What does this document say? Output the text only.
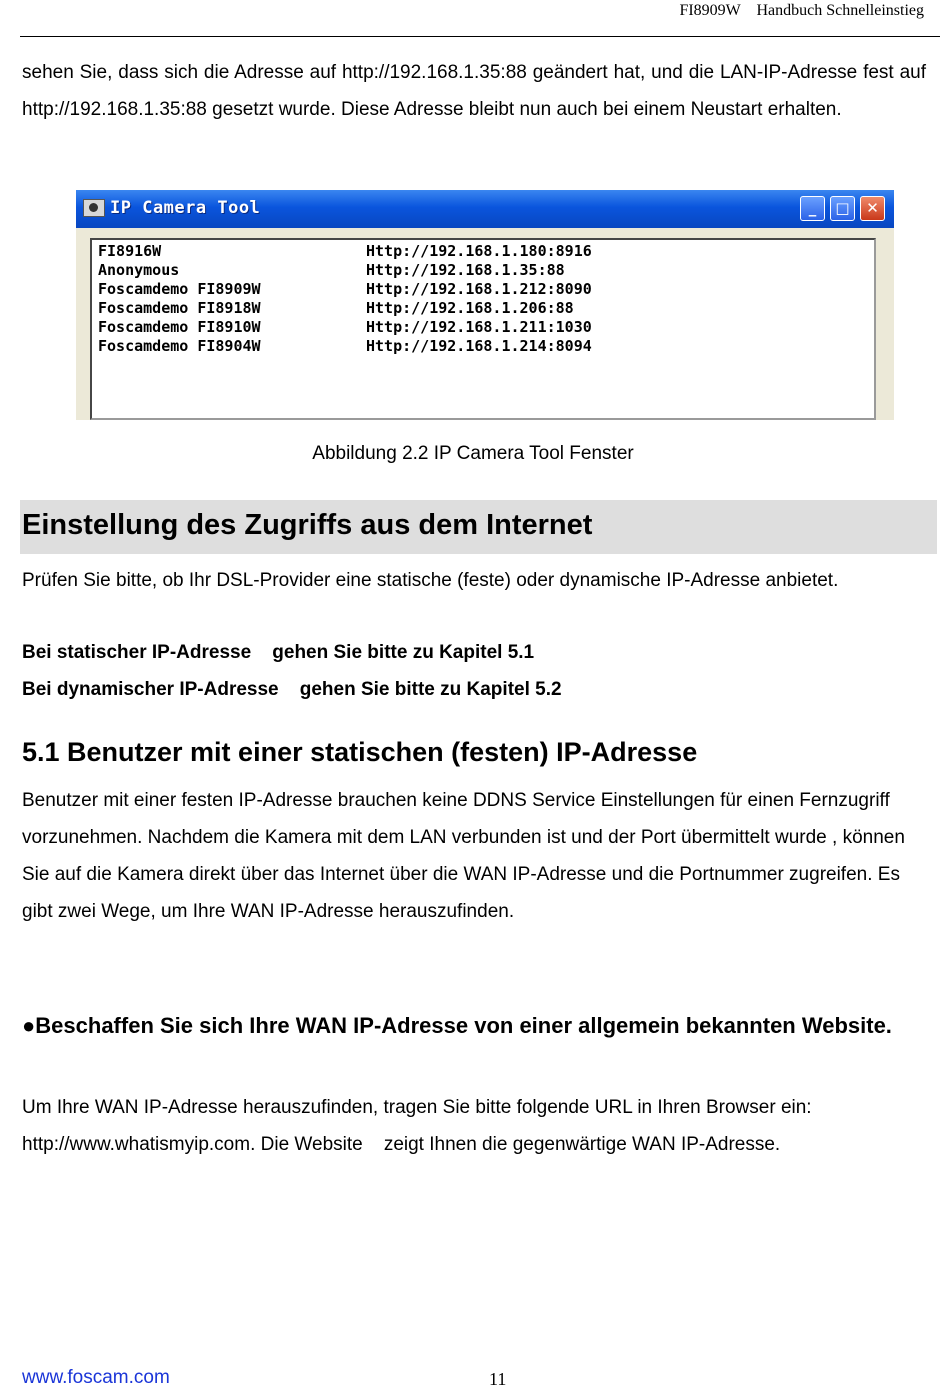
FI8909W    Handbuch Schnelleinstieg
sehen Sie, dass sich die Adresse auf http://192.168.1.35:88 geändert hat, und die LAN-IP-Adresse fest auf http://192.168.1.35:88 gesetzt wurde. Diese Adresse bleibt nun auch bei einem Neustart erhalten.
IP Camera Tool	_	□	✕
FI8916W	Http://192.168.1.180:8916
Anonymous	Http://192.168.1.35:88
Foscamdemo FI8909W	Http://192.168.1.212:8090
Foscamdemo FI8918W	Http://192.168.1.206:88
Foscamdemo FI8910W	Http://192.168.1.211:1030
Foscamdemo FI8904W	Http://192.168.1.214:8094
Abbildung 2.2 IP Camera Tool Fenster
Einstellung des Zugriffs aus dem Internet
Prüfen Sie bitte, ob Ihr DSL-Provider eine statische (feste) oder dynamische IP-Adresse anbietet.
Bei statischer IP-Adresse    gehen Sie bitte zu Kapitel 5.1
Bei dynamischer IP-Adresse    gehen Sie bitte zu Kapitel 5.2
5.1 Benutzer mit einer statischen (festen) IP-Adresse
Benutzer mit einer festen IP-Adresse brauchen keine DDNS Service Einstellungen für einen Fernzugriff vorzunehmen. Nachdem die Kamera mit dem LAN verbunden ist und der Port übermittelt wurde , können Sie auf die Kamera direkt über das Internet über die WAN IP-Adresse und die Portnummer zugreifen. Es gibt zwei Wege, um Ihre WAN IP-Adresse herauszufinden.
●Beschaffen Sie sich Ihre WAN IP-Adresse von einer allgemein bekannten Website.
Um Ihre WAN IP-Adresse herauszufinden, tragen Sie bitte folgende URL in Ihren Browser ein: http://www.whatismyip.com. Die Website    zeigt Ihnen die gegenwärtige WAN IP-Adresse.
www.foscam.com	11
